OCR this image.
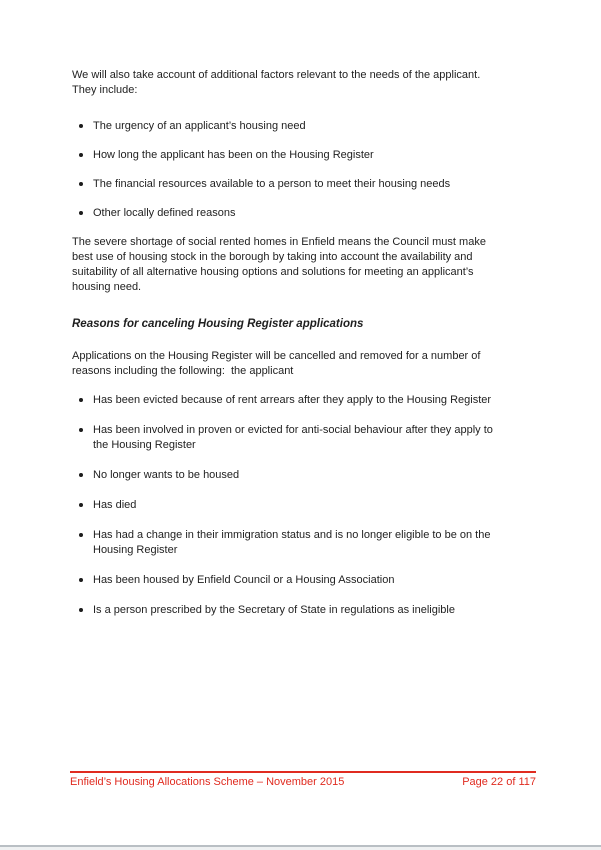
We will also take account of additional factors relevant to the needs of the applicant.
They include:
The urgency of an applicant’s housing need
How long the applicant has been on the Housing Register
The financial resources available to a person to meet their housing needs
Other locally defined reasons
The severe shortage of social rented homes in Enfield means the Council must make
best use of housing stock in the borough by taking into account the availability and
suitability of all alternative housing options and solutions for meeting an applicant’s
housing need.
Reasons for canceling Housing Register applications
Applications on the Housing Register will be cancelled and removed for a number of
reasons including the following:  the applicant
Has been evicted because of rent arrears after they apply to the Housing Register
Has been involved in proven or evicted for anti-social behaviour after they apply to
the Housing Register
No longer wants to be housed
Has died
Has had a change in their immigration status and is no longer eligible to be on the
Housing Register
Has been housed by Enfield Council or a Housing Association
Is a person prescribed by the Secretary of State in regulations as ineligible
Enfield’s Housing Allocations Scheme – November 2015	Page 22 of 117
